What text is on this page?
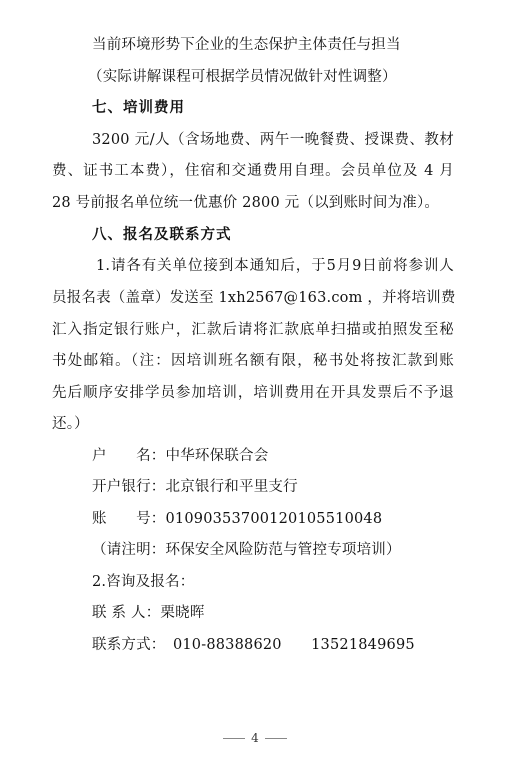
当前环境形势下企业的生态保护主体责任与担当
（实际讲解课程可根据学员情况做针对性调整）
七、培训费用
3200 元/人（含场地费、两午一晚餐费、授课费、教材
费、证书工本费），住宿和交通费用自理。会员单位及 4 月
28 号前报名单位统一优惠价 2800 元（以到账时间为准）。
八、报名及联系方式
1.请各有关单位接到本通知后，于5月9日前将参训人
员报名表（盖章）发送至 1xh2567@163.com ，并将培训费
汇入指定银行账户，汇款后请将汇款底单扫描或拍照发至秘
书处邮箱。（注：因培训班名额有限，秘书处将按汇款到账
先后顺序安排学员参加培训，培训费用在开具发票后不予退
还。）
户　　名：中华环保联合会
开户银行：北京银行和平里支行
账　　号：01090353700120105510048
（请注明：环保安全风险防范与管控专项培训）
2.咨询及报名：
联 系 人：栗晓晖
联系方式：　010-88388620　　13521849695
4
